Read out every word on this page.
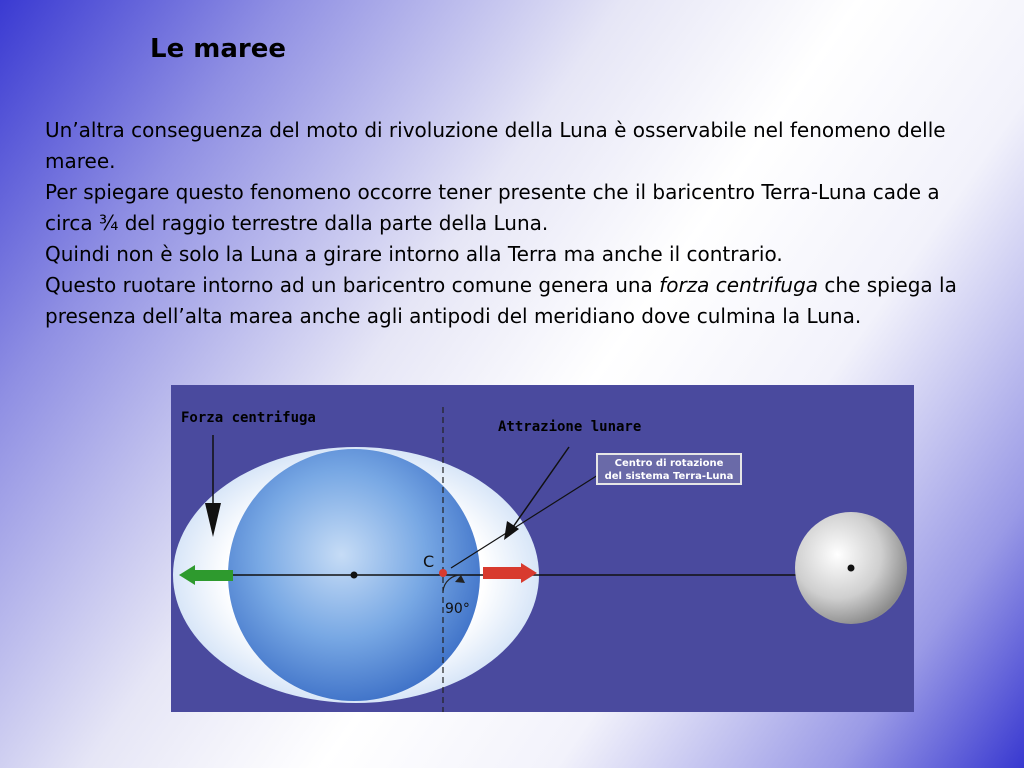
Le maree

Un’altra conseguenza del moto di rivoluzione della Luna è osservabile nel fenomeno delle maree.

Per spiegare questo fenomeno occorre tener presente che il baricentro Terra-Luna cade a circa ¾ del raggio terrestre dalla parte della Luna.

Quindi non è solo la Luna a girare intorno alla Terra ma anche il contrario.

Questo ruotare intorno ad un baricentro comune genera una forza centrifuga che spiega la presenza dell’alta marea anche agli antipodi del meridiano dove culmina la Luna.

Forza centrifuga
Attrazione lunare
Centro di rotazione
del sistema Terra-Luna
C
90°
